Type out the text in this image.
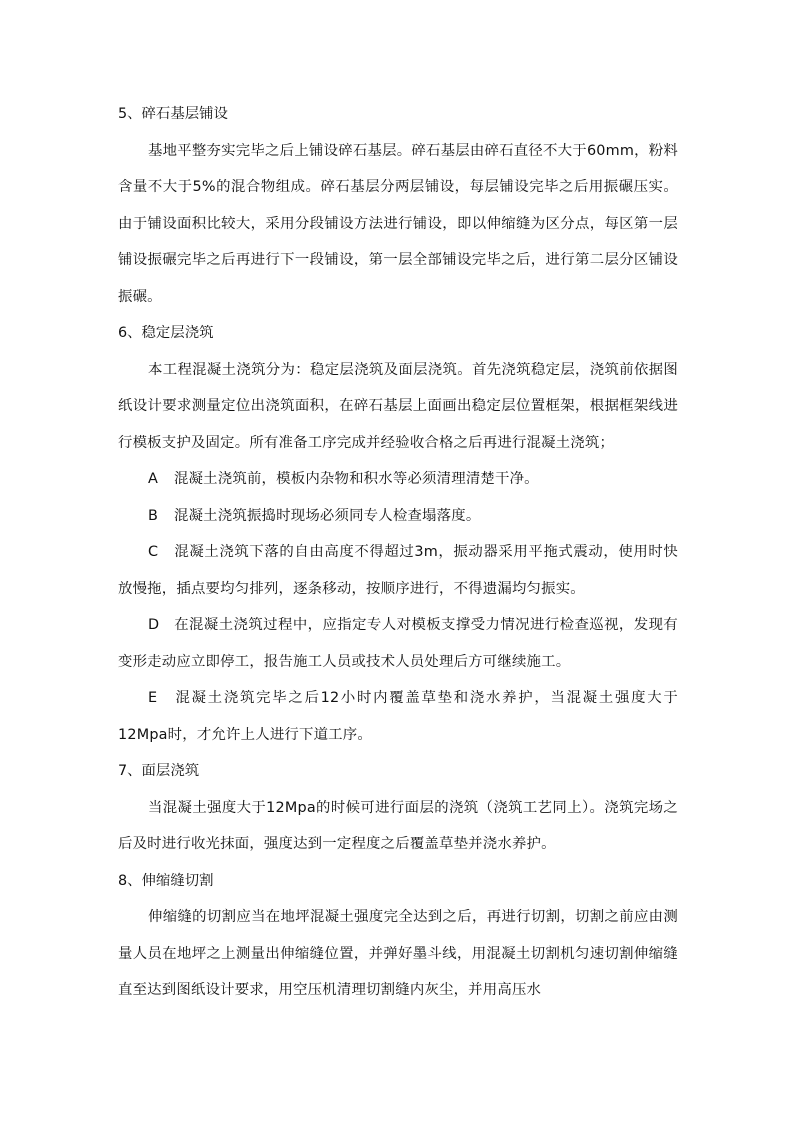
5、碎石基层铺设

基地平整夯实完毕之后上铺设碎石基层。碎石基层由碎石直径不大于60mm，粉料含量不大于5%的混合物组成。碎石基层分两层铺设，每层铺设完毕之后用振碾压实。由于铺设面积比较大，采用分段铺设方法进行铺设，即以伸缩缝为区分点，每区第一层铺设振碾完毕之后再进行下一段铺设，第一层全部铺设完毕之后，进行第二层分区铺设振碾。

6、稳定层浇筑

本工程混凝土浇筑分为：稳定层浇筑及面层浇筑。首先浇筑稳定层，浇筑前依据图纸设计要求测量定位出浇筑面积，在碎石基层上面画出稳定层位置框架，根据框架线进行模板支护及固定。所有准备工序完成并经验收合格之后再进行混凝土浇筑；

A 混凝土浇筑前，模板内杂物和积水等必须清理清楚干净。

B 混凝土浇筑振捣时现场必须同专人检查塌落度。

C 混凝土浇筑下落的自由高度不得超过3m，振动器采用平拖式震动，使用时快放慢拖，插点要均匀排列，逐条移动，按顺序进行，不得遗漏均匀振实。

D 在混凝土浇筑过程中，应指定专人对模板支撑受力情况进行检查巡视，发现有变形走动应立即停工，报告施工人员或技术人员处理后方可继续施工。

E 混凝土浇筑完毕之后12小时内覆盖草垫和浇水养护，当混凝土强度大于12Mpa时，才允许上人进行下道工序。

7、面层浇筑

当混凝土强度大于12Mpa的时候可进行面层的浇筑（浇筑工艺同上）。浇筑完场之后及时进行收光抹面，强度达到一定程度之后覆盖草垫并浇水养护。

8、伸缩缝切割

伸缩缝的切割应当在地坪混凝土强度完全达到之后，再进行切割，切割之前应由测量人员在地坪之上测量出伸缩缝位置，并弹好墨斗线，用混凝土切割机匀速切割伸缩缝直至达到图纸设计要求，用空压机清理切割缝内灰尘，并用高压水
